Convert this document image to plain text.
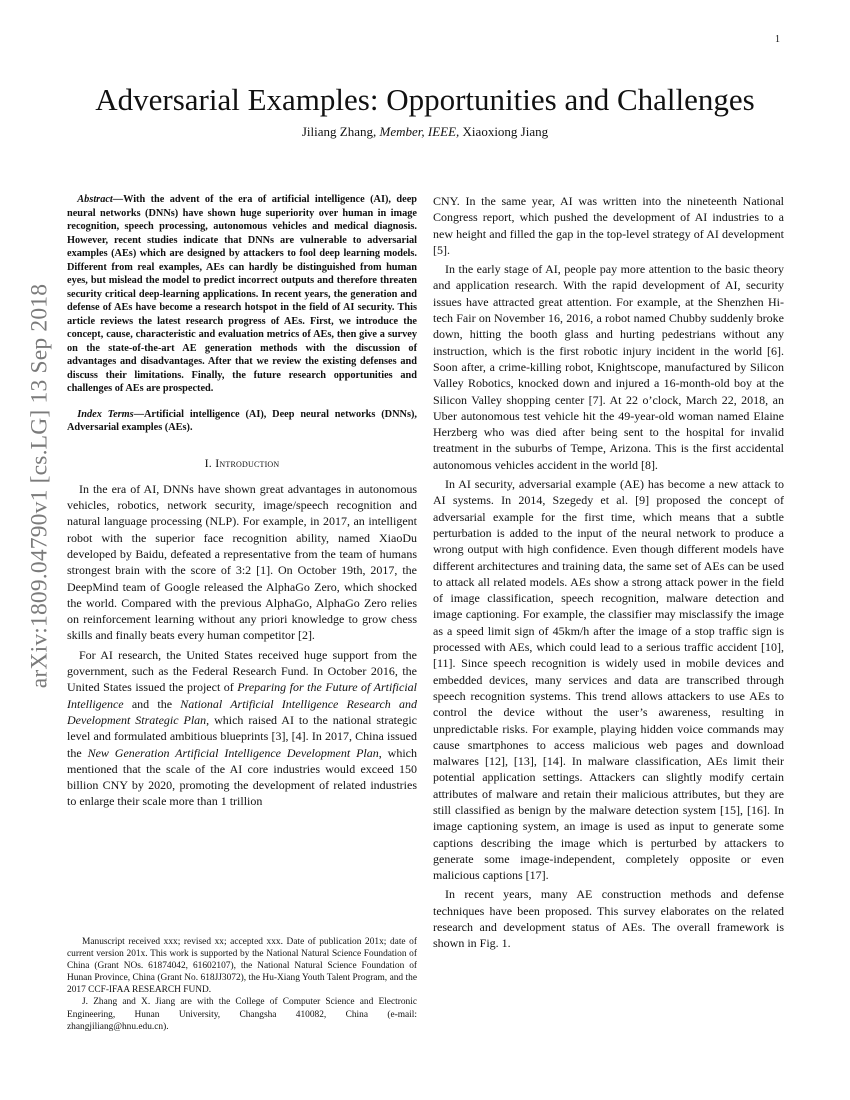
1
arXiv:1809.04790v1 [cs.LG] 13 Sep 2018
Adversarial Examples: Opportunities and Challenges
Jiliang Zhang, Member, IEEE, Xiaoxiong Jiang

Abstract—With the advent of the era of artificial intelligence (AI), deep neural networks (DNNs) have shown huge superiority over human in image recognition, speech processing, autonomous vehicles and medical diagnosis. However, recent studies indicate that DNNs are vulnerable to adversarial examples (AEs) which are designed by attackers to fool deep learning models. Different from real examples, AEs can hardly be distinguished from human eyes, but mislead the model to predict incorrect outputs and therefore threaten security critical deep-learning applications. In recent years, the generation and defense of AEs have become a research hotspot in the field of AI security. This article reviews the latest research progress of AEs. First, we introduce the concept, cause, characteristic and evaluation metrics of AEs, then give a survey on the state-of-the-art AE generation methods with the discussion of advantages and disadvantages. After that we review the existing defenses and discuss their limitations. Finally, the future research opportunities and challenges of AEs are prospected.

Index Terms—Artificial intelligence (AI), Deep neural networks (DNNs), Adversarial examples (AEs).

I. Introduction

In the era of AI, DNNs have shown great advantages in autonomous vehicles, robotics, network security, image/speech recognition and natural language processing (NLP). For example, in 2017, an intelligent robot with the superior face recognition ability, named XiaoDu developed by Baidu, defeated a representative from the team of humans strongest brain with the score of 3:2 [1]. On October 19th, 2017, the DeepMind team of Google released the AlphaGo Zero, which shocked the world. Compared with the previous AlphaGo, AlphaGo Zero relies on reinforcement learning without any priori knowledge to grow chess skills and finally beats every human competitor [2].

For AI research, the United States received huge support from the government, such as the Federal Research Fund. In October 2016, the United States issued the project of Preparing for the Future of Artificial Intelligence and the National Artificial Intelligence Research and Development Strategic Plan, which raised AI to the national strategic level and formulated ambitious blueprints [3], [4]. In 2017, China issued the New Generation Artificial Intelligence Development Plan, which mentioned that the scale of the AI core industries would exceed 150 billion CNY by 2020, promoting the development of related industries to enlarge their scale more than 1 trillion

Manuscript received xxx; revised xx; accepted xxx. Date of publication 201x; date of current version 201x. This work is supported by the National Natural Science Foundation of China (Grant NOs. 61874042, 61602107), the National Natural Science Foundation of Hunan Province, China (Grant No. 618JJ3072), the Hu-Xiang Youth Talent Program, and the 2017 CCF-IFAA RESEARCH FUND.

J. Zhang and X. Jiang are with the College of Computer Science and Electronic Engineering, Hunan University, Changsha 410082, China (e-mail: zhangjiliang@hnu.edu.cn).

CNY. In the same year, AI was written into the nineteenth National Congress report, which pushed the development of AI industries to a new height and filled the gap in the top-level strategy of AI development [5].

In the early stage of AI, people pay more attention to the basic theory and application research. With the rapid development of AI, security issues have attracted great attention. For example, at the Shenzhen Hi-tech Fair on November 16, 2016, a robot named Chubby suddenly broke down, hitting the booth glass and hurting pedestrians without any instruction, which is the first robotic injury incident in the world [6]. Soon after, a crime-killing robot, Knightscope, manufactured by Silicon Valley Robotics, knocked down and injured a 16-month-old boy at the Silicon Valley shopping center [7]. At 22 o’clock, March 22, 2018, an Uber autonomous test vehicle hit the 49-year-old woman named Elaine Herzberg who was died after being sent to the hospital for invalid treatment in the suburbs of Tempe, Arizona. This is the first accidental autonomous vehicles accident in the world [8].

In AI security, adversarial example (AE) has become a new attack to AI systems. In 2014, Szegedy et al. [9] proposed the concept of adversarial example for the first time, which means that a subtle perturbation is added to the input of the neural network to produce a wrong output with high confidence. Even though different models have different architectures and training data, the same set of AEs can be used to attack all related models. AEs show a strong attack power in the field of image classification, speech recognition, malware detection and image captioning. For example, the classifier may misclassify the image as a speed limit sign of 45km/h after the image of a stop traffic sign is processed with AEs, which could lead to a serious traffic accident [10], [11]. Since speech recognition is widely used in mobile devices and embedded devices, many services and data are transcribed through speech recognition systems. This trend allows attackers to use AEs to control the device without the user’s awareness, resulting in unpredictable risks. For example, playing hidden voice commands may cause smartphones to access malicious web pages and download malwares [12], [13], [14]. In malware classification, AEs limit their potential application settings. Attackers can slightly modify certain attributes of malware and retain their malicious attributes, but they are still classified as benign by the malware detection system [15], [16]. In image captioning system, an image is used as input to generate some captions describing the image which is perturbed by attackers to generate some image-independent, completely opposite or even malicious captions [17].

In recent years, many AE construction methods and defense techniques have been proposed. This survey elaborates on the related research and development status of AEs. The overall framework is shown in Fig. 1.
